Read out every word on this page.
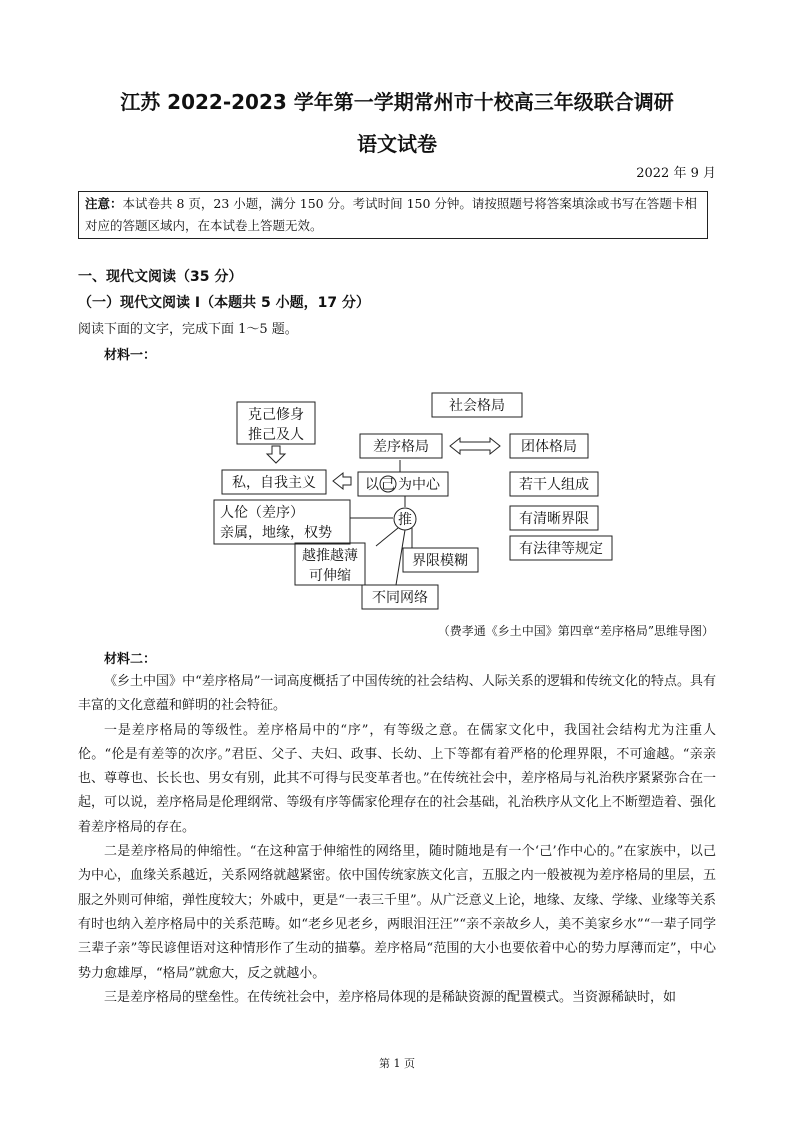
江苏 2022-2023 学年第一学期常州市十校高三年级联合调研
语文试卷
2022 年 9 月
注意：本试卷共 8 页，23 小题，满分 150 分。考试时间 150 分钟。请按照题号将答案填涂或书写在答题卡相对应的答题区域内，在本试卷上答题无效。
一、现代文阅读（35 分）
（一）现代文阅读 I（本题共 5 小题，17 分）
阅读下面的文字，完成下面 1～5 题。
材料一：
克己修身
推己及人
私，自我主义	以 己 为中心
人伦（差序）
亲属，地缘，权势
推
越推越薄
可伸缩
界限模糊
不同网络
社会格局
差序格局	团体格局
若干人组成
有清晰界限
有法律等规定
（费孝通《乡土中国》第四章“差序格局”思维导图）
材料二：

《乡土中国》中“差序格局”一词高度概括了中国传统的社会结构、人际关系的逻辑和传统文化的特点。具有丰富的文化意蕴和鲜明的社会特征。

一是差序格局的等级性。差序格局中的“序”，有等级之意。在儒家文化中，我国社会结构尤为注重人伦。“伦是有差等的次序。”君臣、父子、夫妇、政事、长幼、上下等都有着严格的伦理界限，不可逾越。“亲亲也、尊尊也、长长也、男女有别，此其不可得与民变革者也。”在传统社会中，差序格局与礼治秩序紧紧弥合在一起，可以说，差序格局是伦理纲常、等级有序等儒家伦理存在的社会基础，礼治秩序从文化上不断塑造着、强化着差序格局的存在。

二是差序格局的伸缩性。“在这种富于伸缩性的网络里，随时随地是有一个‘己’作中心的。”在家族中，以己为中心，血缘关系越近，关系网络就越紧密。依中国传统家族文化言，五服之内一般被视为差序格局的里层，五服之外则可伸缩，弹性度较大；外戚中，更是“一表三千里”。从广泛意义上论，地缘、友缘、学缘、业缘等关系有时也纳入差序格局中的关系范畴。如“老乡见老乡，两眼泪汪汪”“亲不亲故乡人，美不美家乡水”“一辈子同学三辈子亲”等民谚俚语对这种情形作了生动的描摹。差序格局“范围的大小也要依着中心的势力厚薄而定”，中心势力愈雄厚，“格局”就愈大，反之就越小。

三是差序格局的壁垒性。在传统社会中，差序格局体现的是稀缺资源的配置模式。当资源稀缺时，如

第 1 页
